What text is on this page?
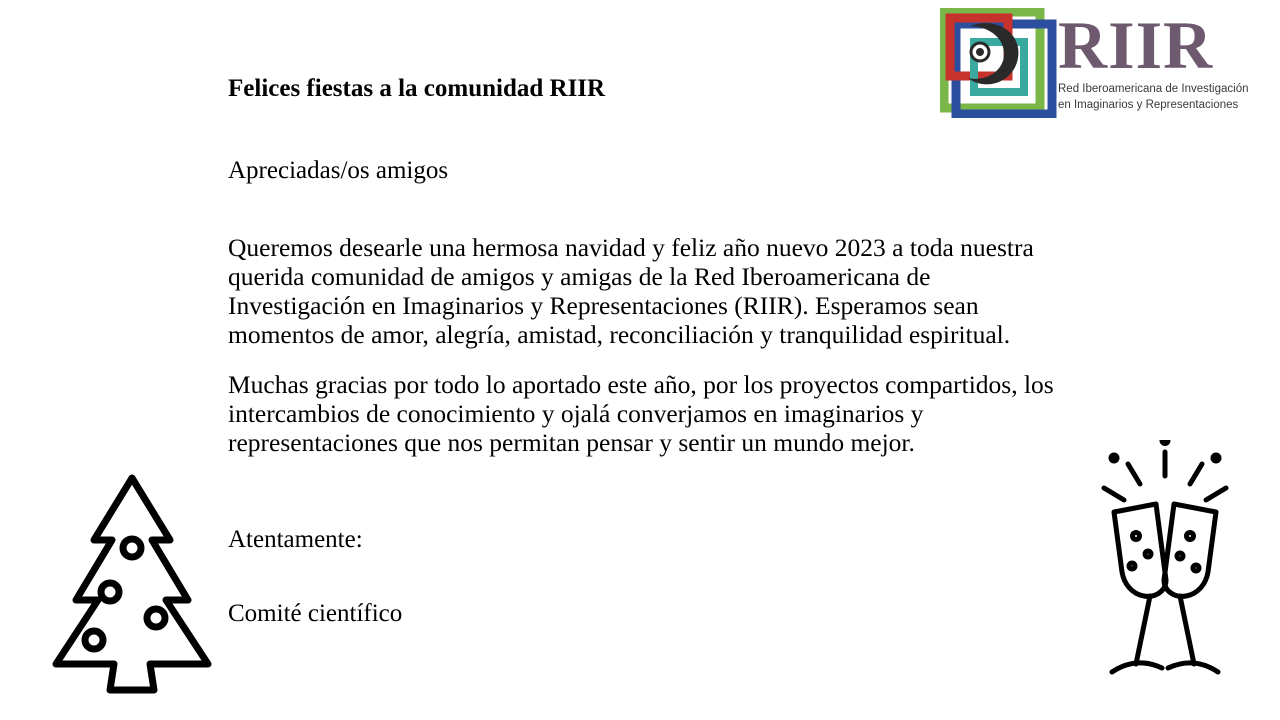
RIIR
Red Iberoamericana de Investigación
en Imaginarios y Representaciones

Felices fiestas a la comunidad RIIR

Apreciadas/os amigos

Queremos desearle una hermosa navidad y feliz año nuevo 2023 a toda nuestra querida comunidad de amigos y amigas de la Red Iberoamericana de Investigación en Imaginarios y Representaciones (RIIR). Esperamos sean momentos de amor, alegría, amistad, reconciliación y tranquilidad espiritual.

Muchas gracias por todo lo aportado este año, por los proyectos compartidos, los intercambios de conocimiento y ojalá converjamos en imaginarios y representaciones que nos permitan pensar y sentir un mundo mejor.

Atentamente:

Comité científico
